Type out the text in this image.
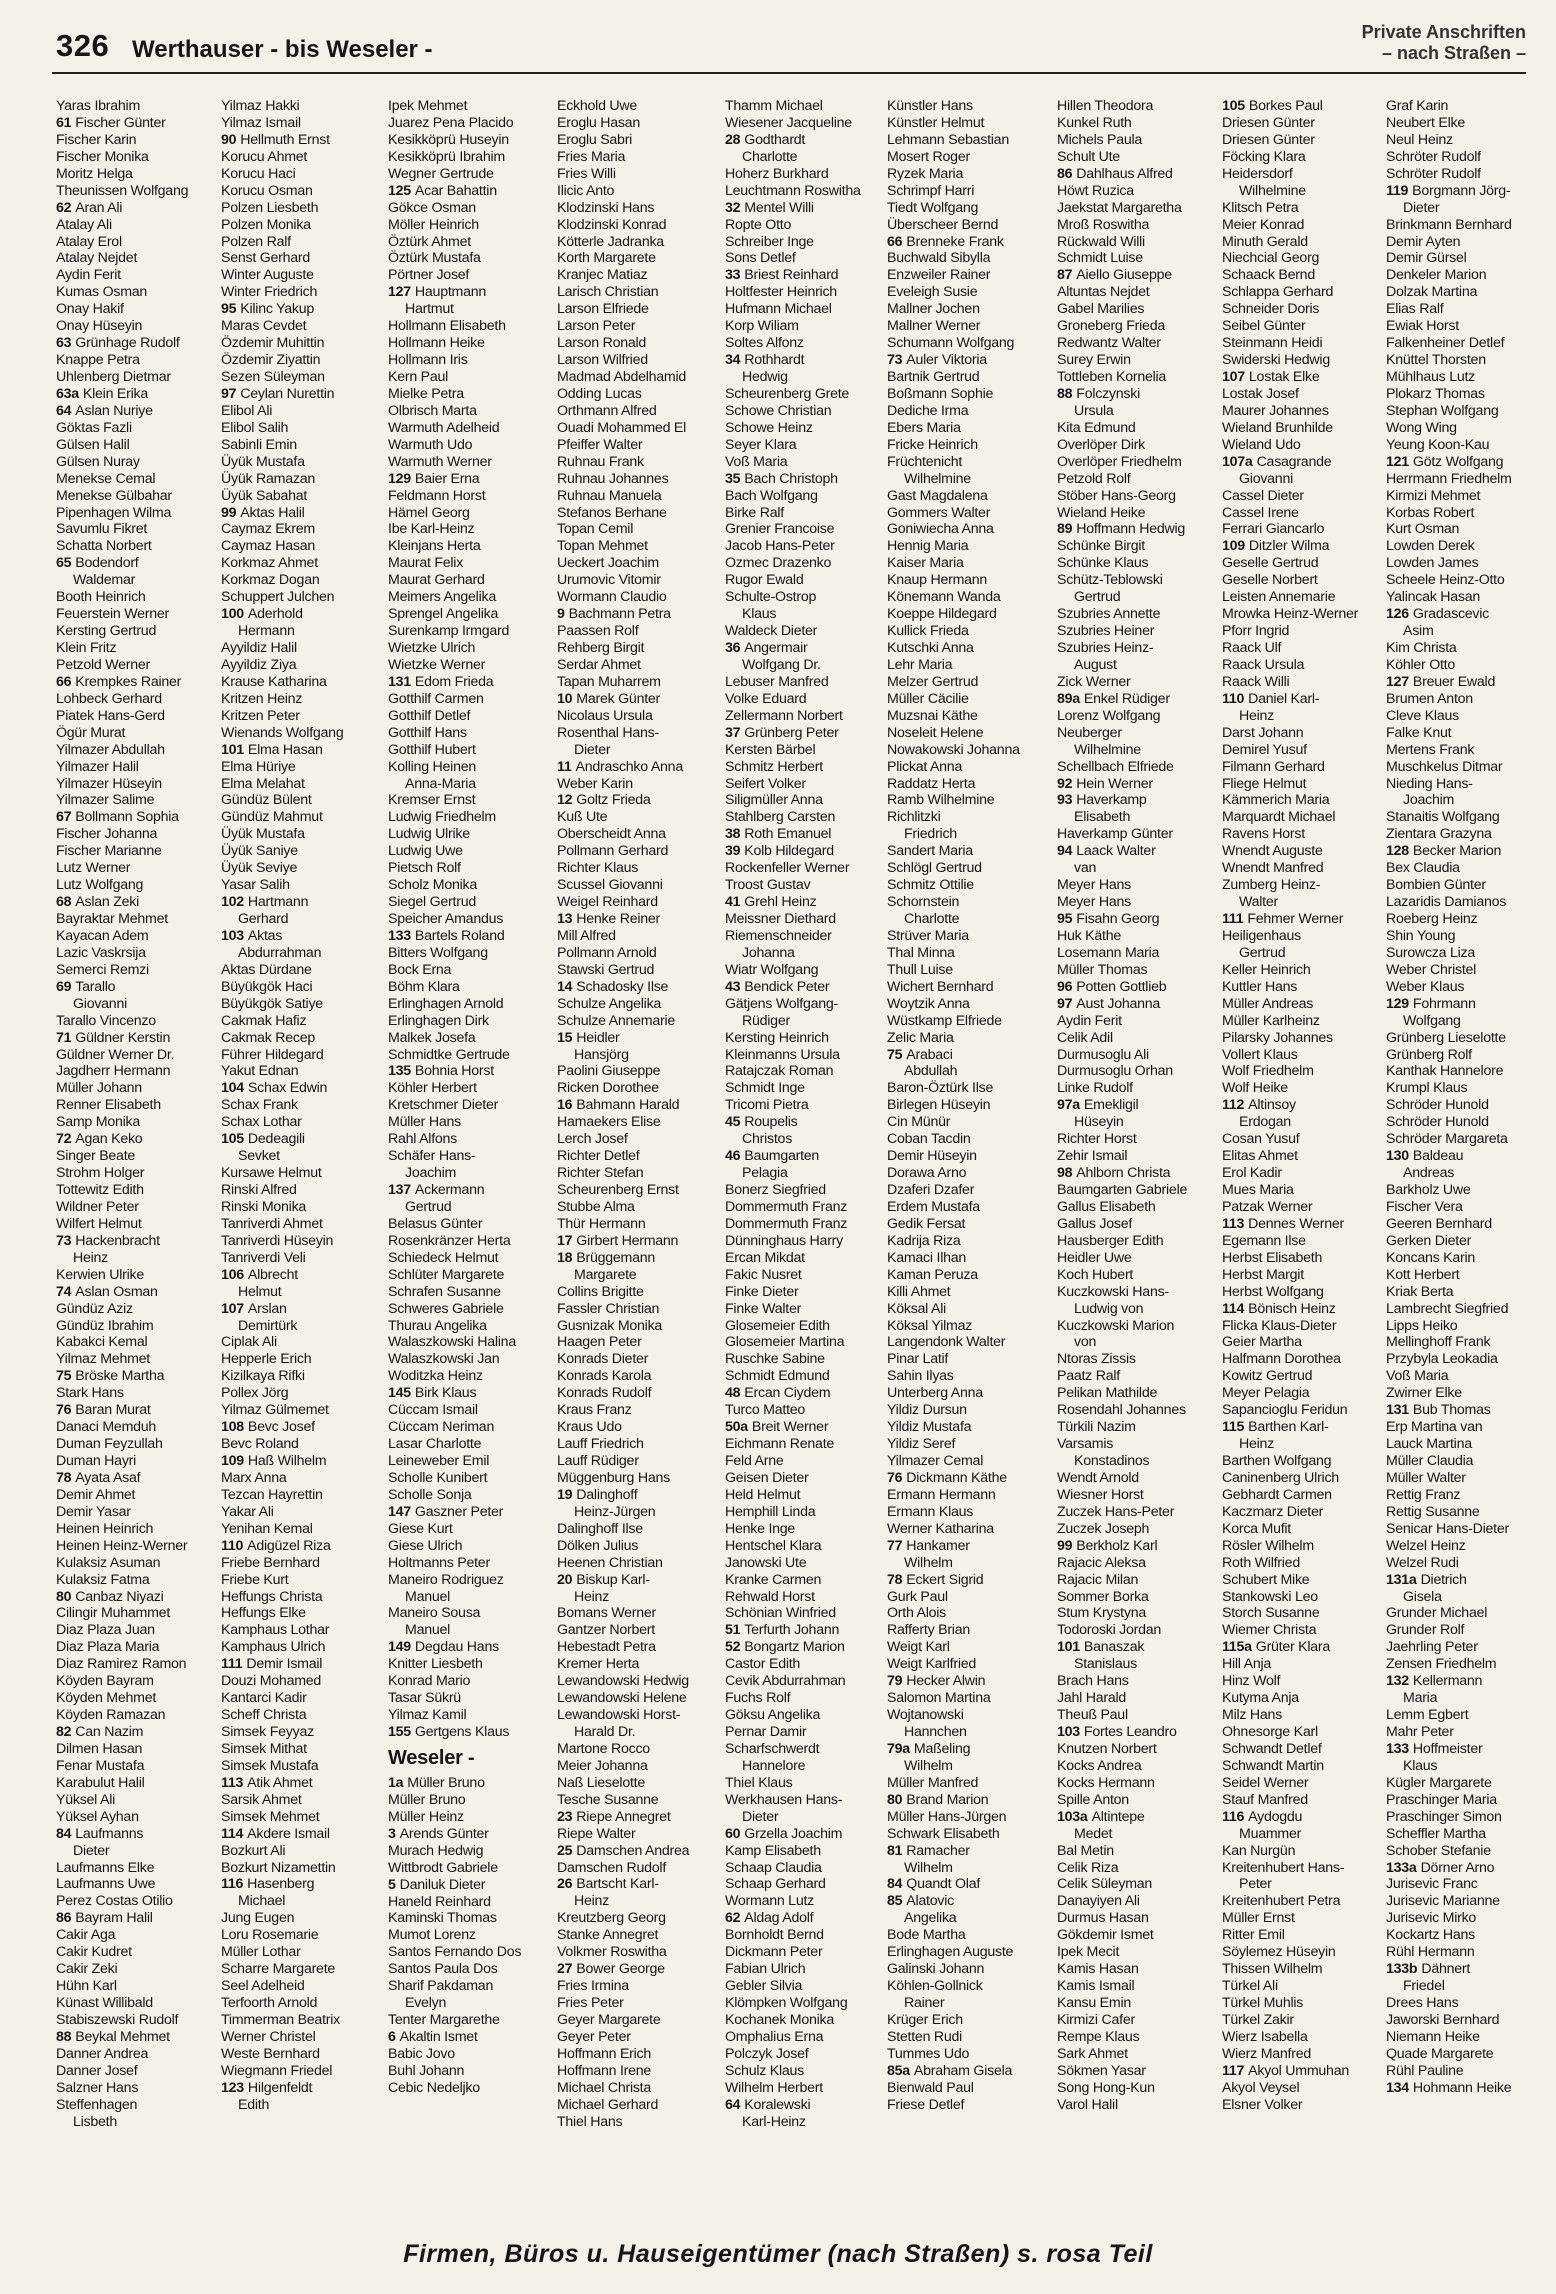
326 Werthauser - bis Weseler -
Private Anschriften
– nach Straßen –
Yaras Ibrahim
61 Fischer Günter
Fischer Karin
Fischer Monika
Moritz Helga
Theunissen Wolfgang
62 Aran Ali
Atalay Ali
Atalay Erol
Atalay Nejdet
Aydin Ferit
Kumas Osman
Onay Hakif
Onay Hüseyin
63 Grünhage Rudolf
Knappe Petra
Uhlenberg Dietmar
63a Klein Erika
64 Aslan Nuriye
Göktas Fazli
Gülsen Halil
Gülsen Nuray
Menekse Cemal
Menekse Gülbahar
Pipenhagen Wilma
Savumlu Fikret
Schatta Norbert
65 Bodendorf
Waldemar
Booth Heinrich
Feuerstein Werner
Kersting Gertrud
Klein Fritz
Petzold Werner
66 Krempkes Rainer
Lohbeck Gerhard
Piatek Hans-Gerd
Ögür Murat
Yilmazer Abdullah
Yilmazer Halil
Yilmazer Hüseyin
Yilmazer Salime
67 Bollmann Sophia
Fischer Johanna
Fischer Marianne
Lutz Werner
Lutz Wolfgang
68 Aslan Zeki
Bayraktar Mehmet
Kayacan Adem
Lazic Vaskrsija
Semerci Remzi
69 Tarallo
Giovanni
Tarallo Vincenzo
71 Güldner Kerstin
Güldner Werner Dr.
Jagdherr Hermann
Müller Johann
Renner Elisabeth
Samp Monika
72 Agan Keko
Singer Beate
Strohm Holger
Tottewitz Edith
Wildner Peter
Wilfert Helmut
73 Hackenbracht
Heinz
Kerwien Ulrike
74 Aslan Osman
Gündüz Aziz
Gündüz Ibrahim
Kabakci Kemal
Yilmaz Mehmet
75 Bröske Martha
Stark Hans
76 Baran Murat
Danaci Memduh
Duman Feyzullah
Duman Hayri
78 Ayata Asaf
Demir Ahmet
Demir Yasar
Heinen Heinrich
Heinen Heinz-Werner
Kulaksiz Asuman
Kulaksiz Fatma
80 Canbaz Niyazi
Cilingir Muhammet
Diaz Plaza Juan
Diaz Plaza Maria
Diaz Ramirez Ramon
Köyden Bayram
Köyden Mehmet
Köyden Ramazan
82 Can Nazim
Dilmen Hasan
Fenar Mustafa
Karabulut Halil
Yüksel Ali
Yüksel Ayhan
84 Laufmanns
Dieter
Laufmanns Elke
Laufmanns Uwe
Perez Costas Otilio
86 Bayram Halil
Cakir Aga
Cakir Kudret
Cakir Zeki
Hühn Karl
Künast Willibald
Stabiszewski Rudolf
88 Beykal Mehmet
Danner Andrea
Danner Josef
Salzner Hans
Steffenhagen
Lisbeth
Yilmaz Hakki
Yilmaz Ismail
90 Hellmuth Ernst
Korucu Ahmet
Korucu Haci
Korucu Osman
Polzen Liesbeth
Polzen Monika
Polzen Ralf
Senst Gerhard
Winter Auguste
Winter Friedrich
95 Kilinc Yakup
Maras Cevdet
Özdemir Muhittin
Özdemir Ziyattin
Sezen Süleyman
97 Ceylan Nurettin
Elibol Ali
Elibol Salih
Sabinli Emin
Üyük Mustafa
Üyük Ramazan
Üyük Sabahat
99 Aktas Halil
Caymaz Ekrem
Caymaz Hasan
Korkmaz Ahmet
Korkmaz Dogan
Schuppert Julchen
100 Aderhold
Hermann
Ayyildiz Halil
Ayyildiz Ziya
Krause Katharina
Kritzen Heinz
Kritzen Peter
Wienands Wolfgang
101 Elma Hasan
Elma Hüriye
Elma Melahat
Gündüz Bülent
Gündüz Mahmut
Üyük Mustafa
Üyük Saniye
Üyük Seviye
Yasar Salih
102 Hartmann
Gerhard
103 Aktas
Abdurrahman
Aktas Dürdane
Büyükgök Haci
Büyükgök Satiye
Cakmak Hafiz
Cakmak Recep
Führer Hildegard
Yakut Ednan
104 Schax Edwin
Schax Frank
Schax Lothar
105 Dedeagili
Sevket
Kursawe Helmut
Rinski Alfred
Rinski Monika
Tanriverdi Ahmet
Tanriverdi Hüseyin
Tanriverdi Veli
106 Albrecht
Helmut
107 Arslan
Demirtürk
Ciplak Ali
Hepperle Erich
Kizilkaya Rifki
Pollex Jörg
Yilmaz Gülmemet
108 Bevc Josef
Bevc Roland
109 Haß Wilhelm
Marx Anna
Tezcan Hayrettin
Yakar Ali
Yenihan Kemal
110 Adigüzel Riza
Friebe Bernhard
Friebe Kurt
Heffungs Christa
Heffungs Elke
Kamphaus Lothar
Kamphaus Ulrich
111 Demir Ismail
Douzi Mohamed
Kantarci Kadir
Scheff Christa
Simsek Feyyaz
Simsek Mithat
Simsek Mustafa
113 Atik Ahmet
Sarsik Ahmet
Simsek Mehmet
114 Akdere Ismail
Bozkurt Ali
Bozkurt Nizamettin
116 Hasenberg
Michael
Jung Eugen
Loru Rosemarie
Müller Lothar
Scharre Margarete
Seel Adelheid
Terfoorth Arnold
Timmerman Beatrix
Werner Christel
Weste Bernhard
Wiegmann Friedel
123 Hilgenfeldt
Edith
Ipek Mehmet
Juarez Pena Placido
Kesikköprü Huseyin
Kesikköprü Ibrahim
Wegner Gertrude
125 Acar Bahattin
Gökce Osman
Möller Heinrich
Öztürk Ahmet
Öztürk Mustafa
Pörtner Josef
127 Hauptmann
Hartmut
Hollmann Elisabeth
Hollmann Heike
Hollmann Iris
Kern Paul
Mielke Petra
Olbrisch Marta
Warmuth Adelheid
Warmuth Udo
Warmuth Werner
129 Baier Erna
Feldmann Horst
Hämel Georg
Ibe Karl-Heinz
Kleinjans Herta
Maurat Felix
Maurat Gerhard
Meimers Angelika
Sprengel Angelika
Surenkamp Irmgard
Wietzke Ulrich
Wietzke Werner
131 Edom Frieda
Gotthilf Carmen
Gotthilf Detlef
Gotthilf Hans
Gotthilf Hubert
Kolling Heinen
Anna-Maria
Kremser Ernst
Ludwig Friedhelm
Ludwig Ulrike
Ludwig Uwe
Pietsch Rolf
Scholz Monika
Siegel Gertrud
Speicher Amandus
133 Bartels Roland
Bitters Wolfgang
Bock Erna
Böhm Klara
Erlinghagen Arnold
Erlinghagen Dirk
Malkek Josefa
Schmidtke Gertrude
135 Bohnia Horst
Köhler Herbert
Kretschmer Dieter
Müller Hans
Rahl Alfons
Schäfer Hans-
Joachim
137 Ackermann
Gertrud
Belasus Günter
Rosenkränzer Herta
Schiedeck Helmut
Schlüter Margarete
Schrafen Susanne
Schweres Gabriele
Thurau Angelika
Walaszkowski Halina
Walaszkowski Jan
Woditzka Heinz
145 Birk Klaus
Cüccam Ismail
Cüccam Neriman
Lasar Charlotte
Leineweber Emil
Scholle Kunibert
Scholle Sonja
147 Gaszner Peter
Giese Kurt
Giese Ulrich
Holtmanns Peter
Maneiro Rodriguez
Manuel
Maneiro Sousa
Manuel
149 Degdau Hans
Knitter Liesbeth
Konrad Mario
Tasar Sükrü
Yilmaz Kamil
155 Gertgens Klaus
Weseler -
1a Müller Bruno
Müller Bruno
Müller Heinz
3 Arends Günter
Murach Hedwig
Wittbrodt Gabriele
5 Daniluk Dieter
Haneld Reinhard
Kaminski Thomas
Mumot Lorenz
Santos Fernando Dos
Santos Paula Dos
Sharif Pakdaman
Evelyn
Tenter Margarethe
6 Akaltin Ismet
Babic Jovo
Buhl Johann
Cebic Nedeljko
Eckhold Uwe
Eroglu Hasan
Eroglu Sabri
Fries Maria
Fries Willi
Ilicic Anto
Klodzinski Hans
Klodzinski Konrad
Kötterle Jadranka
Korth Margarete
Kranjec Matiaz
Larisch Christian
Larson Elfriede
Larson Peter
Larson Ronald
Larson Wilfried
Madmad Abdelhamid
Odding Lucas
Orthmann Alfred
Ouadi Mohammed El
Pfeiffer Walter
Ruhnau Frank
Ruhnau Johannes
Ruhnau Manuela
Stefanos Berhane
Topan Cemil
Topan Mehmet
Ueckert Joachim
Urumovic Vitomir
Wormann Claudio
9 Bachmann Petra
Paassen Rolf
Rehberg Birgit
Serdar Ahmet
Tapan Muharrem
10 Marek Günter
Nicolaus Ursula
Rosenthal Hans-
Dieter
11 Andraschko Anna
Weber Karin
12 Goltz Frieda
Kuß Ute
Oberscheidt Anna
Pollmann Gerhard
Richter Klaus
Scussel Giovanni
Weigel Reinhard
13 Henke Reiner
Mill Alfred
Pollmann Arnold
Stawski Gertrud
14 Schadosky Ilse
Schulze Angelika
Schulze Annemarie
15 Heidler
Hansjörg
Paolini Giuseppe
Ricken Dorothee
16 Bahmann Harald
Hamaekers Elise
Lerch Josef
Richter Detlef
Richter Stefan
Scheurenberg Ernst
Stubbe Alma
Thür Hermann
17 Girbert Hermann
18 Brüggemann
Margarete
Collins Brigitte
Fassler Christian
Gusnizak Monika
Haagen Peter
Konrads Dieter
Konrads Karola
Konrads Rudolf
Kraus Franz
Kraus Udo
Lauff Friedrich
Lauff Rüdiger
Müggenburg Hans
19 Dalinghoff
Heinz-Jürgen
Dalinghoff Ilse
Dölken Julius
Heenen Christian
20 Biskup Karl-
Heinz
Bomans Werner
Gantzer Norbert
Hebestadt Petra
Kremer Herta
Lewandowski Hedwig
Lewandowski Helene
Lewandowski Horst-
Harald Dr.
Martone Rocco
Meier Johanna
Naß Lieselotte
Tesche Susanne
23 Riepe Annegret
Riepe Walter
25 Damschen Andrea
Damschen Rudolf
26 Bartscht Karl-
Heinz
Kreutzberg Georg
Stanke Annegret
Volkmer Roswitha
27 Bower George
Fries Irmina
Fries Peter
Geyer Margarete
Geyer Peter
Hoffmann Erich
Hoffmann Irene
Michael Christa
Michael Gerhard
Thiel Hans
Thamm Michael
Wiesener Jacqueline
28 Godthardt
Charlotte
Hoherz Burkhard
Leuchtmann Roswitha
32 Mentel Willi
Ropte Otto
Schreiber Inge
Sons Detlef
33 Briest Reinhard
Holtfester Heinrich
Hufmann Michael
Korp Wiliam
Soltes Alfonz
34 Rothhardt
Hedwig
Scheurenberg Grete
Schowe Christian
Schowe Heinz
Seyer Klara
Voß Maria
35 Bach Christoph
Bach Wolfgang
Birke Ralf
Grenier Francoise
Jacob Hans-Peter
Ozmec Drazenko
Rugor Ewald
Schulte-Ostrop
Klaus
Waldeck Dieter
36 Angermair
Wolfgang Dr.
Lebuser Manfred
Volke Eduard
Zellermann Norbert
37 Grünberg Peter
Kersten Bärbel
Schmitz Herbert
Seifert Volker
Siligmüller Anna
Stahlberg Carsten
38 Roth Emanuel
39 Kolb Hildegard
Rockenfeller Werner
Troost Gustav
41 Grehl Heinz
Meissner Diethard
Riemenschneider
Johanna
Wiatr Wolfgang
43 Bendick Peter
Gätjens Wolfgang-
Rüdiger
Kersting Heinrich
Kleinmanns Ursula
Ratajczak Roman
Schmidt Inge
Tricomi Pietra
45 Roupelis
Christos
46 Baumgarten
Pelagia
Bonerz Siegfried
Dommermuth Franz
Dommermuth Franz
Dünninghaus Harry
Ercan Mikdat
Fakic Nusret
Finke Dieter
Finke Walter
Glosemeier Edith
Glosemeier Martina
Ruschke Sabine
Schmidt Edmund
48 Ercan Ciydem
Turco Matteo
50a Breit Werner
Eichmann Renate
Feld Arne
Geisen Dieter
Held Helmut
Hemphill Linda
Henke Inge
Hentschel Klara
Janowski Ute
Kranke Carmen
Rehwald Horst
Schönian Winfried
51 Terfurth Johann
52 Bongartz Marion
Castor Edith
Cevik Abdurrahman
Fuchs Rolf
Göksu Angelika
Pernar Damir
Scharfschwerdt
Hannelore
Thiel Klaus
Werkhausen Hans-
Dieter
60 Grzella Joachim
Kamp Elisabeth
Schaap Claudia
Schaap Gerhard
Wormann Lutz
62 Aldag Adolf
Bornholdt Bernd
Dickmann Peter
Fabian Ulrich
Gebler Silvia
Klömpken Wolfgang
Kochanek Monika
Omphalius Erna
Polczyk Josef
Schulz Klaus
Wilhelm Herbert
64 Koralewski
Karl-Heinz
Künstler Hans
Künstler Helmut
Lehmann Sebastian
Mosert Roger
Ryzek Maria
Schrimpf Harri
Tiedt Wolfgang
Überscheer Bernd
66 Brenneke Frank
Buchwald Sibylla
Enzweiler Rainer
Eveleigh Susie
Mallner Jochen
Mallner Werner
Schumann Wolfgang
73 Auler Viktoria
Bartnik Gertrud
Boßmann Sophie
Dediche Irma
Ebers Maria
Fricke Heinrich
Früchtenicht
Wilhelmine
Gast Magdalena
Gommers Walter
Goniwiecha Anna
Hennig Maria
Kaiser Maria
Knaup Hermann
Könemann Wanda
Koeppe Hildegard
Kullick Frieda
Kutschki Anna
Lehr Maria
Melzer Gertrud
Müller Cäcilie
Muzsnai Käthe
Noseleit Helene
Nowakowski Johanna
Plickat Anna
Raddatz Herta
Ramb Wilhelmine
Richlitzki
Friedrich
Sandert Maria
Schlögl Gertrud
Schmitz Ottilie
Schornstein
Charlotte
Strüver Maria
Thal Minna
Thull Luise
Wichert Bernhard
Woytzik Anna
Wüstkamp Elfriede
Zelic Maria
75 Arabaci
Abdullah
Baron-Öztürk Ilse
Birlegen Hüseyin
Cin Münür
Coban Tacdin
Demir Hüseyin
Dorawa Arno
Dzaferi Dzafer
Erdem Mustafa
Gedik Fersat
Kadrija Riza
Kamaci Ilhan
Kaman Peruza
Killi Ahmet
Köksal Ali
Köksal Yilmaz
Langendonk Walter
Pinar Latif
Sahin Ilyas
Unterberg Anna
Yildiz Dursun
Yildiz Mustafa
Yildiz Seref
Yilmazer Cemal
76 Dickmann Käthe
Ermann Hermann
Ermann Klaus
Werner Katharina
77 Hankamer
Wilhelm
78 Eckert Sigrid
Gurk Paul
Orth Alois
Rafferty Brian
Weigt Karl
Weigt Karlfried
79 Hecker Alwin
Salomon Martina
Wojtanowski
Hannchen
79a Maßeling
Wilhelm
Müller Manfred
80 Brand Marion
Müller Hans-Jürgen
Schwark Elisabeth
81 Ramacher
Wilhelm
84 Quandt Olaf
85 Alatovic
Angelika
Bode Martha
Erlinghagen Auguste
Galinski Johann
Köhlen-Gollnick
Rainer
Krüger Erich
Stetten Rudi
Tummes Udo
85a Abraham Gisela
Bienwald Paul
Friese Detlef
Hillen Theodora
Kunkel Ruth
Michels Paula
Schult Ute
86 Dahlhaus Alfred
Höwt Ruzica
Jaekstat Margaretha
Mroß Roswitha
Rückwald Willi
Schmidt Luise
87 Aiello Giuseppe
Altuntas Nejdet
Gabel Marilies
Groneberg Frieda
Redwantz Walter
Surey Erwin
Tottleben Kornelia
88 Folczynski
Ursula
Kita Edmund
Overlöper Dirk
Overlöper Friedhelm
Petzold Rolf
Stöber Hans-Georg
Wieland Heike
89 Hoffmann Hedwig
Schünke Birgit
Schünke Klaus
Schütz-Teblowski
Gertrud
Szubries Annette
Szubries Heiner
Szubries Heinz-
August
Zick Werner
89a Enkel Rüdiger
Lorenz Wolfgang
Neuberger
Wilhelmine
Schellbach Elfriede
92 Hein Werner
93 Haverkamp
Elisabeth
Haverkamp Günter
94 Laack Walter
van
Meyer Hans
Meyer Hans
95 Fisahn Georg
Huk Käthe
Losemann Maria
Müller Thomas
96 Potten Gottlieb
97 Aust Johanna
Aydin Ferit
Celik Adil
Durmusoglu Ali
Durmusoglu Orhan
Linke Rudolf
97a Emekligil
Hüseyin
Richter Horst
Zehir Ismail
98 Ahlborn Christa
Baumgarten Gabriele
Gallus Elisabeth
Gallus Josef
Hausberger Edith
Heidler Uwe
Koch Hubert
Kuczkowski Hans-
Ludwig von
Kuczkowski Marion
von
Ntoras Zissis
Paatz Ralf
Pelikan Mathilde
Rosendahl Johannes
Türkili Nazim
Varsamis
Konstadinos
Wendt Arnold
Wiesner Horst
Zuczek Hans-Peter
Zuczek Joseph
99 Berkholz Karl
Rajacic Aleksa
Rajacic Milan
Sommer Borka
Stum Krystyna
Todoroski Jordan
101 Banaszak
Stanislaus
Brach Hans
Jahl Harald
Theuß Paul
103 Fortes Leandro
Knutzen Norbert
Kocks Andrea
Kocks Hermann
Spille Anton
103a Altintepe
Medet
Bal Metin
Celik Riza
Celik Süleyman
Danayiyen Ali
Durmus Hasan
Gökdemir Ismet
Ipek Mecit
Kamis Hasan
Kamis Ismail
Kansu Emin
Kirmizi Cafer
Rempe Klaus
Sark Ahmet
Sökmen Yasar
Song Hong-Kun
Varol Halil
105 Borkes Paul
Driesen Günter
Driesen Günter
Föcking Klara
Heidersdorf
Wilhelmine
Klitsch Petra
Meier Konrad
Minuth Gerald
Niechcial Georg
Schaack Bernd
Schlappa Gerhard
Schneider Doris
Seibel Günter
Steinmann Heidi
Swiderski Hedwig
107 Lostak Elke
Lostak Josef
Maurer Johannes
Wieland Brunhilde
Wieland Udo
107a Casagrande
Giovanni
Cassel Dieter
Cassel Irene
Ferrari Giancarlo
109 Ditzler Wilma
Geselle Gertrud
Geselle Norbert
Leisten Annemarie
Mrowka Heinz-Werner
Pforr Ingrid
Raack Ulf
Raack Ursula
Raack Willi
110 Daniel Karl-
Heinz
Darst Johann
Demirel Yusuf
Filmann Gerhard
Fliege Helmut
Kämmerich Maria
Marquardt Michael
Ravens Horst
Wnendt Auguste
Wnendt Manfred
Zumberg Heinz-
Walter
111 Fehmer Werner
Heiligenhaus
Gertrud
Keller Heinrich
Kuttler Hans
Müller Andreas
Müller Karlheinz
Pilarsky Johannes
Vollert Klaus
Wolf Friedhelm
Wolf Heike
112 Altinsoy
Erdogan
Cosan Yusuf
Elitas Ahmet
Erol Kadir
Mues Maria
Patzak Werner
113 Dennes Werner
Egemann Ilse
Herbst Elisabeth
Herbst Margit
Herbst Wolfgang
114 Bönisch Heinz
Flicka Klaus-Dieter
Geier Martha
Halfmann Dorothea
Kowitz Gertrud
Meyer Pelagia
Sapancioglu Feridun
115 Barthen Karl-
Heinz
Barthen Wolfgang
Caninenberg Ulrich
Gebhardt Carmen
Kaczmarz Dieter
Korca Mufit
Rösler Wilhelm
Roth Wilfried
Schubert Mike
Stankowski Leo
Storch Susanne
Wiemer Christa
115a Grüter Klara
Hill Anja
Hinz Wolf
Kutyma Anja
Milz Hans
Ohnesorge Karl
Schwandt Detlef
Schwandt Martin
Seidel Werner
Stauf Manfred
116 Aydogdu
Muammer
Kan Nurgün
Kreitenhubert Hans-
Peter
Kreitenhubert Petra
Müller Ernst
Ritter Emil
Söylemez Hüseyin
Thissen Wilhelm
Türkel Ali
Türkel Muhlis
Türkel Zakir
Wierz Isabella
Wierz Manfred
117 Akyol Ummuhan
Akyol Veysel
Elsner Volker
Graf Karin
Neubert Elke
Neul Heinz
Schröter Rudolf
Schröter Rudolf
119 Borgmann Jörg-
Dieter
Brinkmann Bernhard
Demir Ayten
Demir Gürsel
Denkeler Marion
Dolzak Martina
Elias Ralf
Ewiak Horst
Falkenheiner Detlef
Knüttel Thorsten
Mühlhaus Lutz
Plokarz Thomas
Stephan Wolfgang
Wong Wing
Yeung Koon-Kau
121 Götz Wolfgang
Herrmann Friedhelm
Kirmizi Mehmet
Korbas Robert
Kurt Osman
Lowden Derek
Lowden James
Scheele Heinz-Otto
Yalincak Hasan
126 Gradascevic
Asim
Kim Christa
Köhler Otto
127 Breuer Ewald
Brumen Anton
Cleve Klaus
Falke Knut
Mertens Frank
Muschkelus Ditmar
Nieding Hans-
Joachim
Stanaitis Wolfgang
Zientara Grazyna
128 Becker Marion
Bex Claudia
Bombien Günter
Lazaridis Damianos
Roeberg Heinz
Shin Young
Surowcza Liza
Weber Christel
Weber Klaus
129 Fohrmann
Wolfgang
Grünberg Lieselotte
Grünberg Rolf
Kanthak Hannelore
Krumpl Klaus
Schröder Hunold
Schröder Hunold
Schröder Margareta
130 Baldeau
Andreas
Barkholz Uwe
Fischer Vera
Geeren Bernhard
Gerken Dieter
Koncans Karin
Kott Herbert
Kriak Berta
Lambrecht Siegfried
Lipps Heiko
Mellinghoff Frank
Przybyla Leokadia
Voß Maria
Zwirner Elke
131 Bub Thomas
Erp Martina van
Lauck Martina
Müller Claudia
Müller Walter
Rettig Franz
Rettig Susanne
Senicar Hans-Dieter
Welzel Heinz
Welzel Rudi
131a Dietrich
Gisela
Grunder Michael
Grunder Rolf
Jaehrling Peter
Zensen Friedhelm
132 Kellermann
Maria
Lemm Egbert
Mahr Peter
133 Hoffmeister
Klaus
Kügler Margarete
Praschinger Maria
Praschinger Simon
Scheffler Martha
Schober Stefanie
133a Dörner Arno
Jurisevic Franc
Jurisevic Marianne
Jurisevic Mirko
Kockartz Hans
Rühl Hermann
133b Dähnert
Friedel
Drees Hans
Jaworski Bernhard
Niemann Heike
Quade Margarete
Rühl Pauline
134 Hohmann Heike
Firmen, Büros u. Hauseigentümer (nach Straßen) s. rosa Teil
